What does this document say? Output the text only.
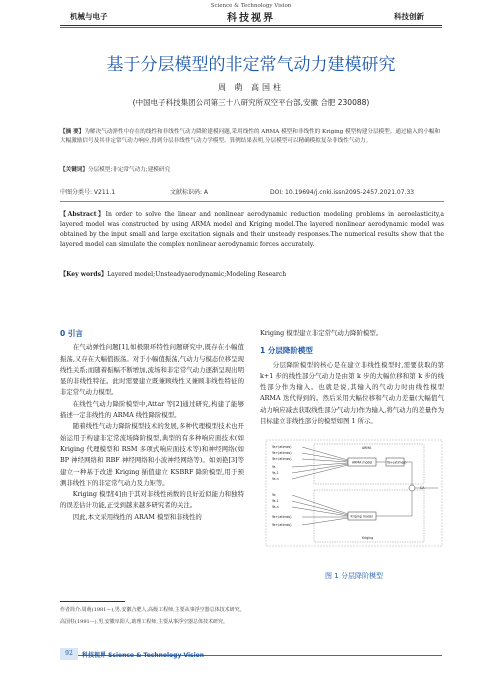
Science & Technology Vision
机械与电子	科技视界	科技创新
基于分层模型的非定常气动力建模研究
周 萌 高国柱
(中国电子科技集团公司第三十八研究所双空平台部,安徽 合肥 230088)
【摘 要】为解决气动弹性中存在的线性和非线性气动力降阶建模问题,采用线性的 ARMA 模型和非线性的 Kriging 模型构建分层模型。通过输入的小幅和大幅激励信号及其非定常气动力响应,得到分层非线性气动力学模型。算例结果表明,分层模型可以精确模拟复杂非线性气动力。
【关键词】分层模型;非定常气动力;建模研究
中图分类号: V211.1	文献标识码: A	DOI: 10.19694/j.cnki.issn2095-2457.2021.07.33
【Abstract】In order to solve the linear and nonlinear aerodynamic reduction modeling problems in aeroelasticity,a layered model was constructed by using ARMA model and Kriging model.The layered nonlinear aerodynamic model was obtained by the input small and large excitation signals and their unsteady responses.The numerical results show that the layered model can simulate the complex nonlinear aerodynamic forces accurately.
【Key words】Layered model;Unsteadyaerodynamic;Modeling Research
0 引言

在气动弹性问题[1],如极限环特性问题研究中,既存在小幅值振荡,又存在大幅值振荡。对于小幅值振荡,气动力与模态位移呈现线性关系;而随着振幅不断增加,流场和非定常气动力逐渐呈现出明显的非线性特征。此时需要建立既兼顾线性又兼顾非线性特征的非定常气动力模型。

在线性气动力降阶模型中,Attar 等[2]通过研究,构建了能够描述一定非线性的 ARMA 线性降阶模型。

随着线性气动力降阶模型技术的发展,多种代理模型技术也开始运用于构建非定常流场降阶模型,典型的有多种响应面技术(如 Kriging 代理模型和 RSM 多项式响应面技术等)和神经网络(如 BP 神经网络和 RBF 神经网络和小波神经网络等)。如刘艳[3]等建立一种基于改进 Kriging 插值建立 KSBRF 降阶模型,用于预测非线性下的非定常气动力及力矩等。

Kriging 模型[4]由于其对非线性函数的良好近似能力和独特的误差估计功能,正受到越来越多研究者的关注。

因此,本文采用线性的 ARAM 模型和非线性的

Kriging 模型建立非定常气动力降阶模型。

1 分层降阶模型

分层降阶模型的核心是在建立非线性模型时,需要获取的第 k+1 步的线性部分气动力是由第 k 步的大幅位移和第 k 步的线性部分作为输入。也就是说,其输入的气动力时由线性模型 ARMA 迭代得到的。然后采用大幅位移和气动力差量(大幅值气动力响应减去获取线性部分气动力)作为输入,将气动力的差量作为目标建立非线性部分的模型如图 1 所示。

ARMA
Kriging
ARMA model
Kriging model
Ya+(atimes)
CA
Ya+(atimes)
Ya+(atimes)
Ya+(atimes)
Ya
Ya-1
Ya-n
Ya
Ya-1
Ya-n
Ya+(atimes)
Ya+(atimes)
图 1 分层降阶模型
作者简介:周萌(1981—),男,安徽合肥人,高级工程师,主要从事浮空器总体技术研究。
高国柱(1991—),男,安徽阜阳人,助理工程师,主要从事浮空器总体技术研究。
92	科技视界 Science & Technology Vision
